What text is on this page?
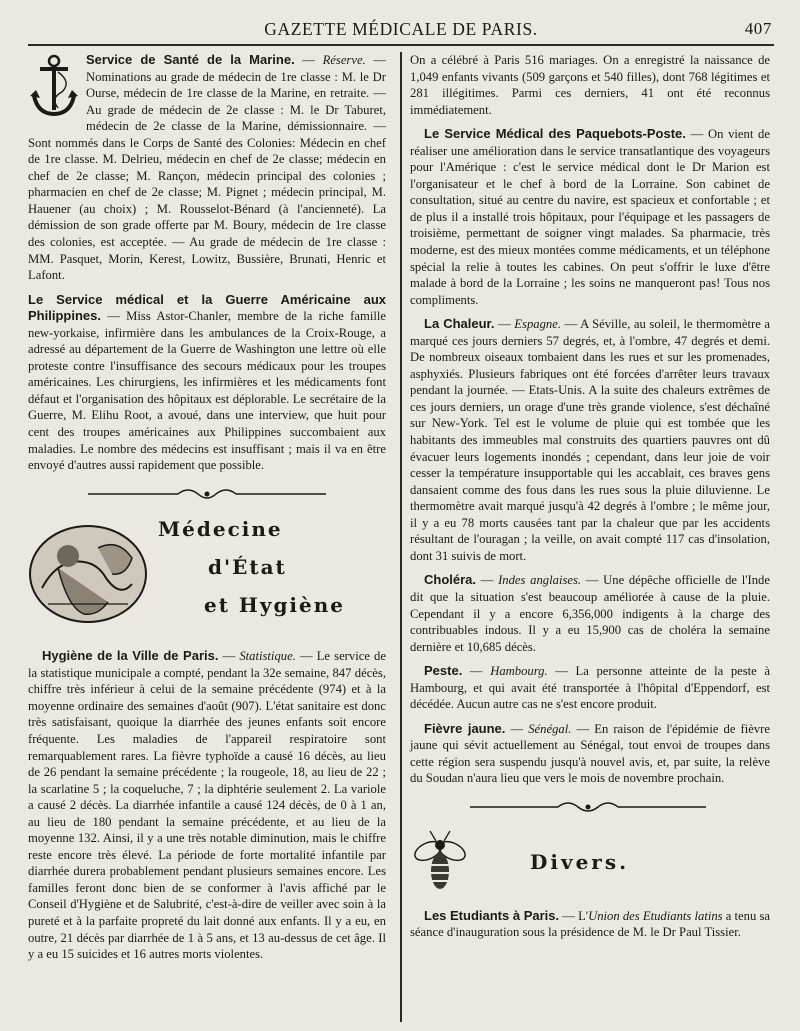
GAZETTE MÉDICALE DE PARIS.	407

Service de Santé de la Marine. — Réserve. — Nominations au grade de médecin de 1re classe : M. le Dr Ourse, médecin de 1re classe de la Marine, en retraite. — Au grade de médecin de 2e classe : M. le Dr Taburet, médecin de 2e classe de la Marine, démissionnaire. — Sont nommés dans le Corps de Santé des Colonies: Médecin en chef de 1re classe. M. Delrieu, médecin en chef de 2e classe; médecin en chef de 2e classe; M. Rançon, médecin principal des colonies ; pharmacien en chef de 2e classe; M. Pignet ; médecin principal, M. Hauener (au choix) ; M. Rousselot-Bénard (à l'ancienneté). La démission de son grade offerte par M. Boury, médecin de 1re classe des colonies, est acceptée. — Au grade de médecin de 1re classe : MM. Pasquet, Morin, Kerest, Lowitz, Bussière, Brunati, Henric et Lafont.

Le Service médical et la Guerre Américaine aux Philippines. — Miss Astor-Chanler, membre de la riche famille new-yorkaise, infirmière dans les ambulances de la Croix-Rouge, a adressé au département de la Guerre de Washington une lettre où elle proteste contre l'insuffisance des secours médicaux pour les troupes américaines. Les chirurgiens, les infirmières et les médicaments font défaut et l'organisation des hôpitaux est déplorable. Le secrétaire de la Guerre, M. Elihu Root, a avoué, dans une interview, que huit pour cent des troupes américaines aux Philippines succombaient aux maladies. Le nombre des médecins est insuffisant ; mais il va en être envoyé d'autres aussi rapidement que possible.

Médecine
d'État
et Hygiène

Hygiène de la Ville de Paris. — Statistique. — Le service de la statistique municipale a compté, pendant la 32e semaine, 847 décès, chiffre très inférieur à celui de la semaine précédente (974) et à la moyenne ordinaire des semaines d'août (907). L'état sanitaire est donc très satisfaisant, quoique la diarrhée des jeunes enfants soit encore fréquente. Les maladies de l'appareil respiratoire sont remarquablement rares. La fièvre typhoïde a causé 16 décès, au lieu de 26 pendant la semaine précédente ; la rougeole, 18, au lieu de 22 ; la scarlatine 5 ; la coqueluche, 7 ; la diphtérie seulement 2. La variole a causé 2 décès. La diarrhée infantile a causé 124 décès, de 0 à 1 an, au lieu de 180 pendant la semaine précédente, et au lieu de la moyenne 132. Ainsi, il y a une très notable diminution, mais le chiffre reste encore très élevé. La période de forte mortalité infantile par diarrhée durera probablement pendant plusieurs semaines encore. Les familles feront donc bien de se conformer à l'avis affiché par le Conseil d'Hygiène et de Salubrité, c'est-à-dire de veiller avec soin à la pureté et à la parfaite propreté du lait donné aux enfants. Il y a eu, en outre, 21 décès par diarrhée de 1 à 5 ans, et 13 au-dessus de cet âge. Il y a eu 15 suicides et 16 autres morts violentes.

On a célébré à Paris 516 mariages. On a enregistré la naissance de 1,049 enfants vivants (509 garçons et 540 filles), dont 768 légitimes et 281 illégitimes. Parmi ces derniers, 41 ont été reconnus immédiatement.

Le Service Médical des Paquebots-Poste. — On vient de réaliser une amélioration dans le service transatlantique des voyageurs pour l'Amérique : c'est le service médical dont le Dr Marion est l'organisateur et le chef à bord de la Lorraine. Son cabinet de consultation, situé au centre du navire, est spacieux et confortable ; et de plus il a installé trois hôpitaux, pour l'équipage et les passagers de troisième, permettant de soigner vingt malades. Sa pharmacie, très moderne, est des mieux montées comme médicaments, et un téléphone spécial la relie à toutes les cabines. On peut s'offrir le luxe d'être malade à bord de la Lorraine ; les soins ne manqueront pas! Tous nos compliments.

La Chaleur. — Espagne. — A Séville, au soleil, le thermomètre a marqué ces jours derniers 57 degrés, et, à l'ombre, 47 degrés et demi. De nombreux oiseaux tombaient dans les rues et sur les promenades, asphyxiés. Plusieurs fabriques ont été forcées d'arrêter leurs travaux pendant la journée. — Etats-Unis. A la suite des chaleurs extrêmes de ces jours derniers, un orage d'une très grande violence, s'est déchaîné sur New-York. Tel est le volume de pluie qui est tombée que les habitants des immeubles mal construits des quartiers pauvres ont dû évacuer leurs logements inondés ; cependant, dans leur joie de voir cesser la température insupportable qui les accablait, ces braves gens dansaient comme des fous dans les rues sous la pluie diluvienne. Le thermomètre avait marqué jusqu'à 42 degrés à l'ombre ; le même jour, il y a eu 78 morts causées tant par la chaleur que par les accidents résultant de l'ouragan ; la veille, on avait compté 117 cas d'insolation, dont 31 suivis de mort.

Choléra. — Indes anglaises. — Une dépêche officielle de l'Inde dit que la situation s'est beaucoup améliorée à cause de la pluie. Cependant il y a encore 6,356,000 indigents à la charge des contribuables indous. Il y a eu 15,900 cas de choléra la semaine dernière et 10,685 décès.

Peste. — Hambourg. — La personne atteinte de la peste à Hambourg, et qui avait été transportée à l'hôpital d'Eppendorf, est décédée. Aucun autre cas ne s'est encore produit.

Fièvre jaune. — Sénégal. — En raison de l'épidémie de fièvre jaune qui sévit actuellement au Sénégal, tout envoi de troupes dans cette région sera suspendu jusqu'à nouvel avis, et, par suite, la relève du Soudan n'aura lieu que vers le mois de novembre prochain.

Divers.

Les Etudiants à Paris. — L'Union des Etudiants latins a tenu sa séance d'inauguration sous la présidence de M. le Dr Paul Tissier.
